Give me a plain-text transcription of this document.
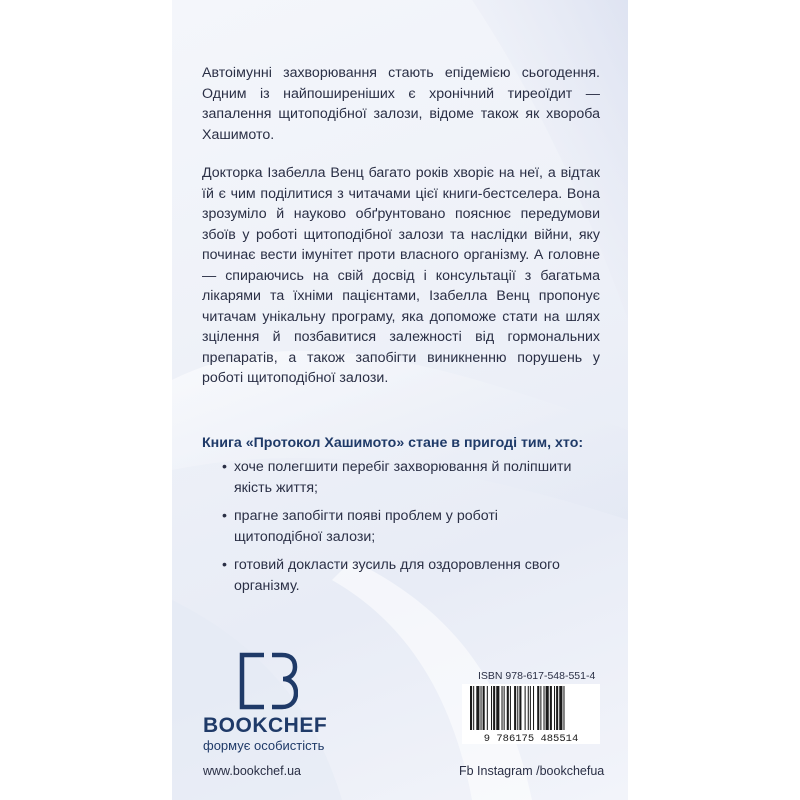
Автоімунні захворювання стають епідемією сьогодення. Одним із найпоширеніших є хронічний тиреоїдит — запалення щитоподібної залози, відоме також як хвороба Хашимото.
Докторка Ізабелла Венц багато років хворіє на неї, а відтак їй є чим поділитися з читачами цієї книги-бестселера. Вона зрозуміло й науково обґрунтовано пояснює передумови збоїв у роботі щитоподібної залози та наслідки війни, яку починає вести імунітет проти власного організму. А головне — спираючись на свій досвід і консультації з багатьма лікарями та їхніми пацієнтами, Ізабелла Венц пропонує читачам унікальну програму, яка допоможе стати на шлях зцілення й позбавитися залежності від гормональних препаратів, а також запобігти виникненню порушень у роботі щитоподібної залози.
Книга «Протокол Хашимото» стане в пригоді тим, хто:
• хоче полегшити перебіг захворювання й поліпшити якість життя;
• прагне запобігти появі проблем у роботі щитоподібної залози;
• готовий докласти зусиль для оздоровлення свого організму.
BOOKCHEF
формує особистість
www.bookchef.ua	Fb Instagram /bookchefua
ISBN 978-617-548-551-4
9 786175 485514
